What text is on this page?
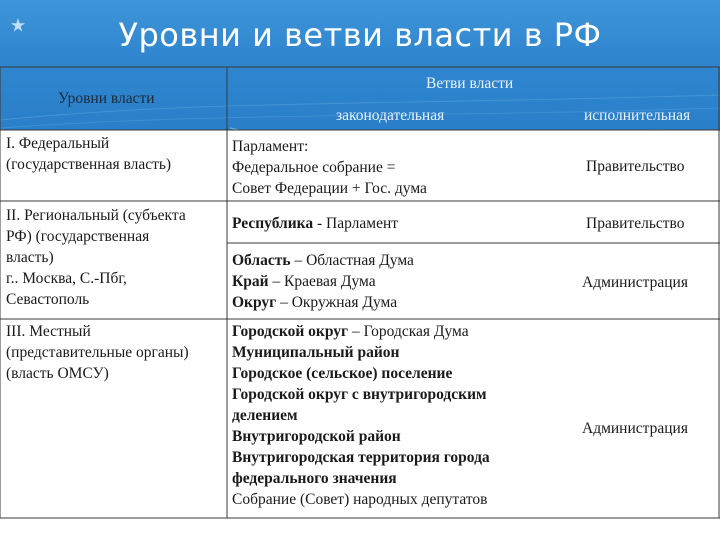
Уровни и ветви власти в РФ
Уровни власти
Ветви власти
законодательная	исполнительная
I. Федеральный
(государственная власть)
Парламент:
Федеральное собрание =
Совет Федерации + Гос. дума
Правительство
II. Региональный (субъекта
РФ) (государственная
власть)
г.. Москва, С.-Пбг,
Севастополь
Республика - Парламент	Правительство
Область – Областная Дума
Край – Краевая Дума
Округ – Окружная Дума
Администрация
III. Местный
(представительные органы)
(власть ОМСУ)
Городской округ – Городская Дума
Муниципальный район
Городское (сельское) поселение
Городской округ с внутригородским
делением
Внутригородской район
Внутригородская территория города
федерального значения
Собрание (Совет) народных депутатов
Администрация
